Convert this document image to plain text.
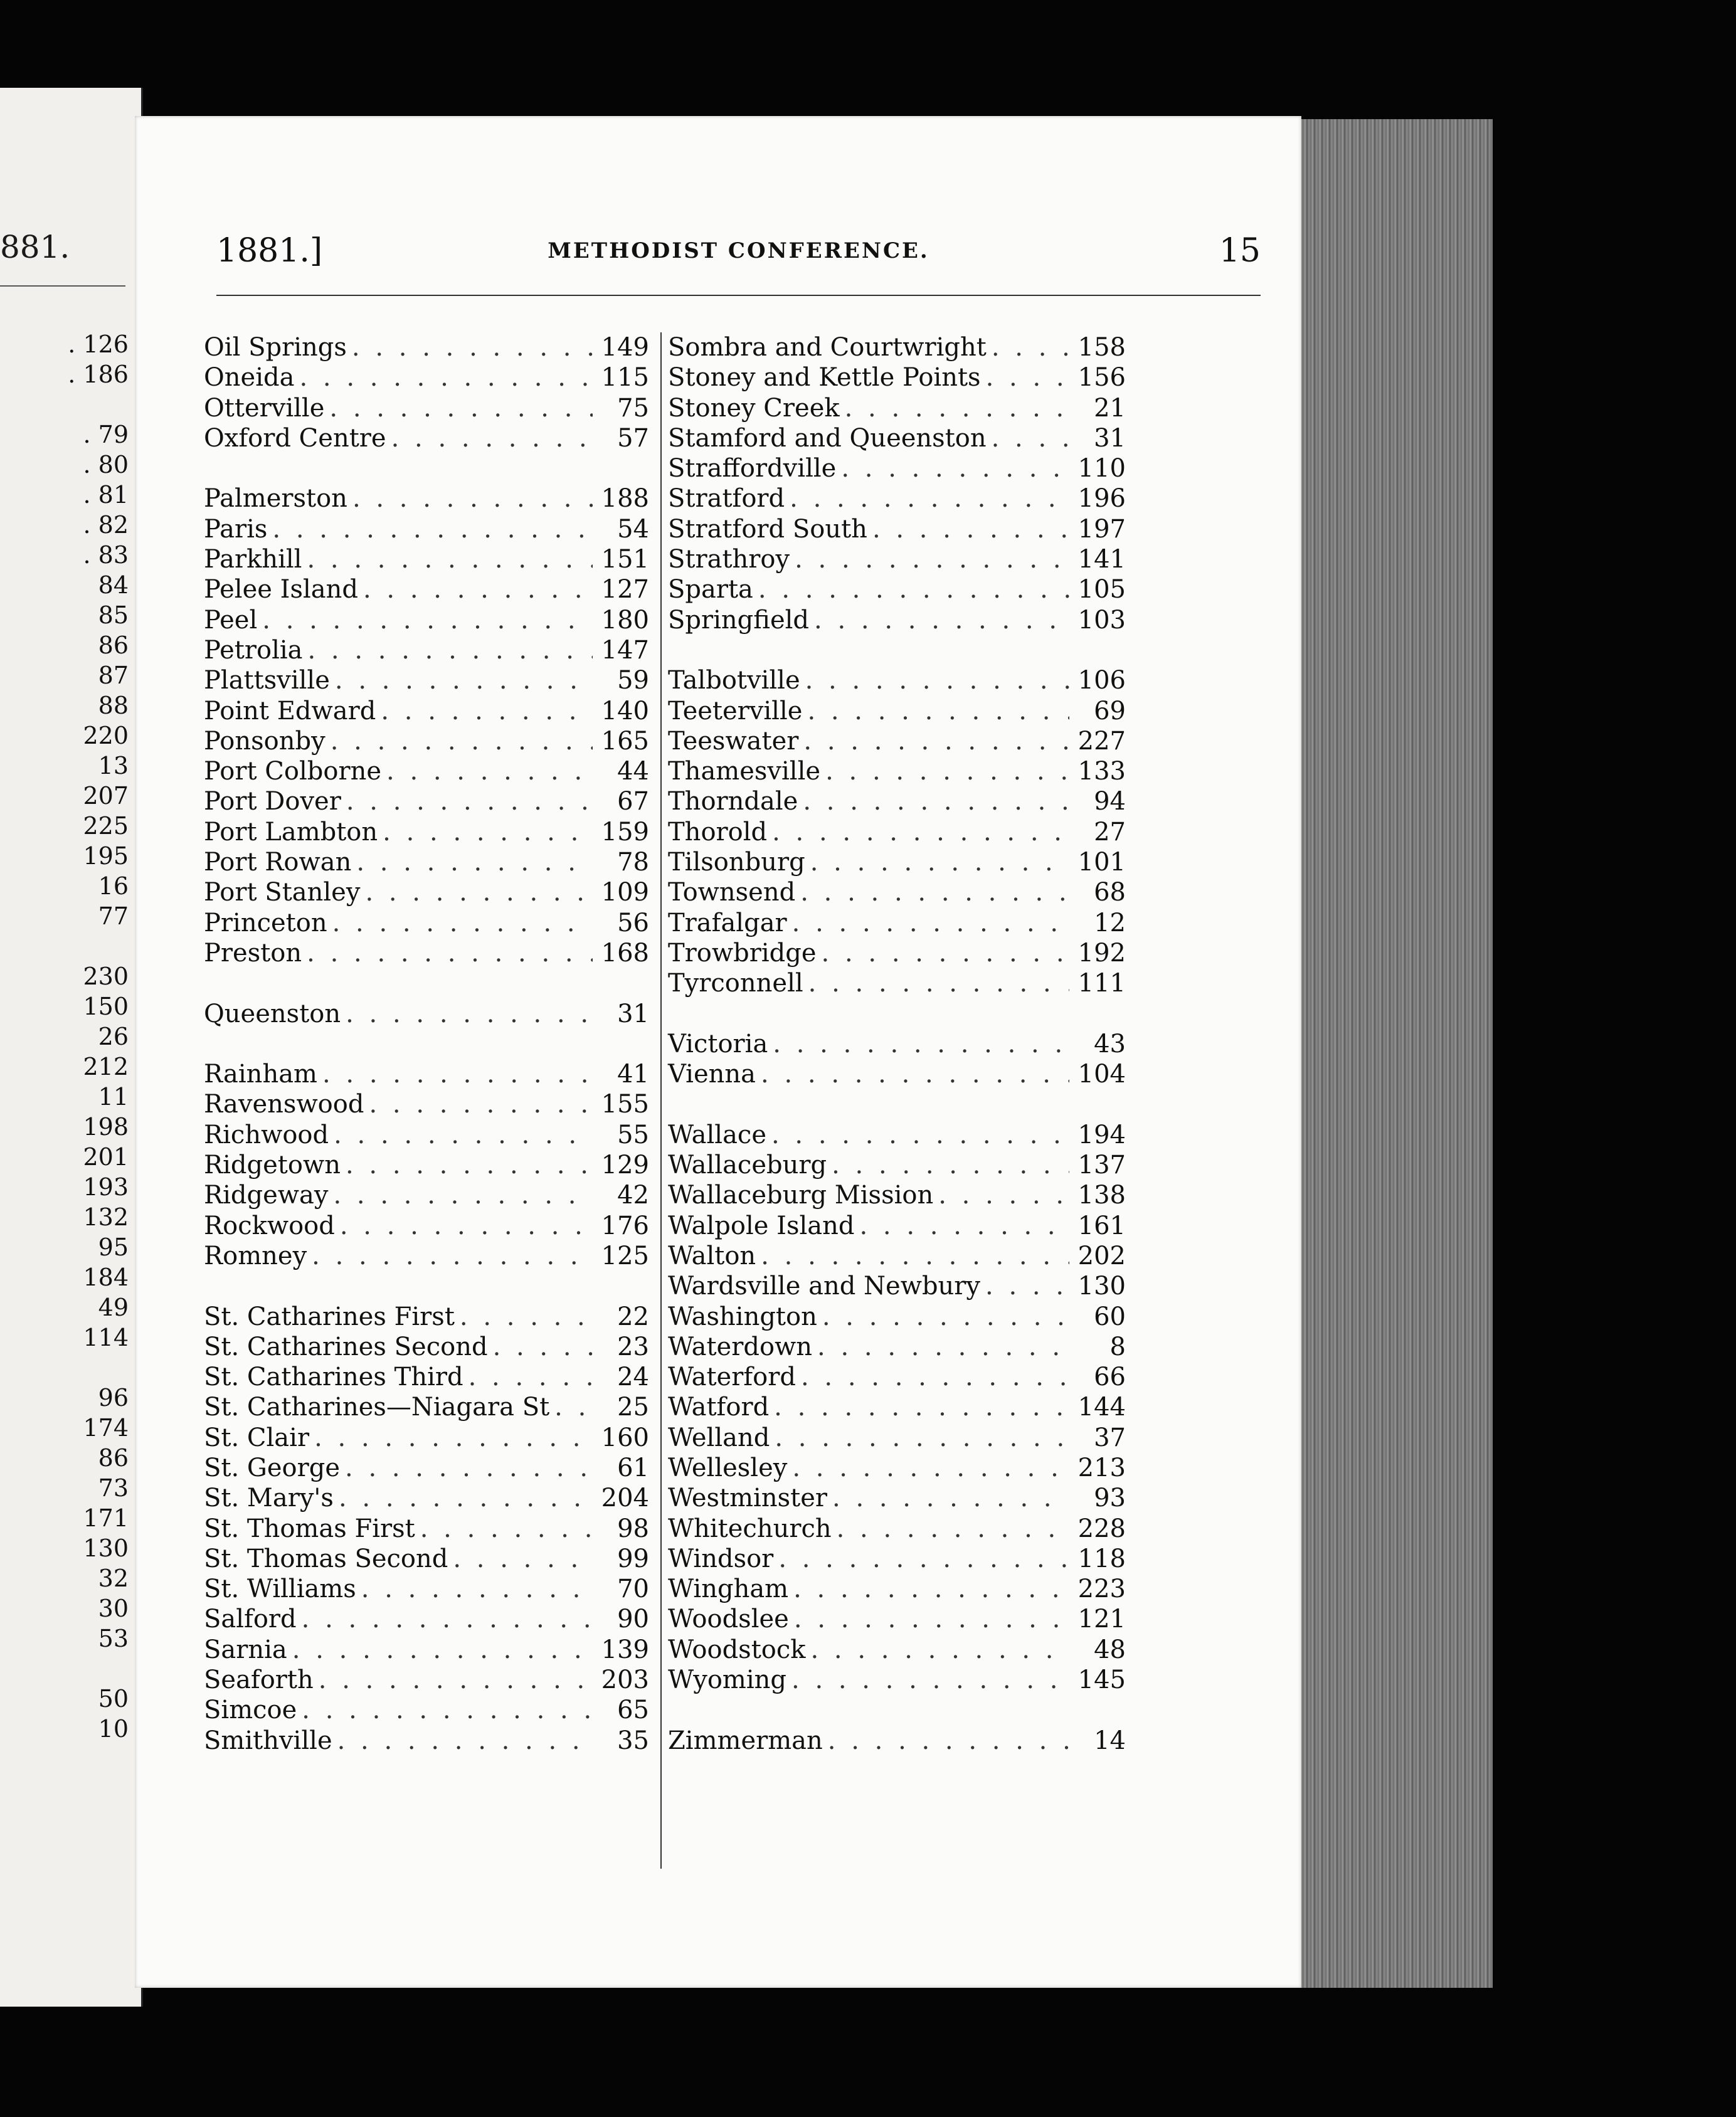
881.
. 126
. 186
. 79
. 80
. 81
. 82
. 83
84
85
86
87
88
220
13
207
225
195
16
77
230
150
26
212
11
198
201
193
132
95
184
49
114
96
174
86
73
171
130
32
30
53
50
10
1881.]	METHODIST CONFERENCE.	15
Oil Springs . . .	149
Oneida . . .	115
Otterville . . .	75
Oxford Centre . . .	57
Palmerston . . .	188
Paris . . .	54
Parkhill . . .	151
Pelee Island . . .	127
Peel . . .	180
Petrolia . . .	147
Plattsville . . .	59
Point Edward . . .	140
Ponsonby . . .	165
Port Colborne . . .	44
Port Dover . . .	67
Port Lambton . . .	159
Port Rowan . . .	78
Port Stanley . . .	109
Princeton . . .	56
Preston . . .	168
Queenston . . .	31
Rainham . . .	41
Ravenswood . . .	155
Richwood . . .	55
Ridgetown . . .	129
Ridgeway . . .	42
Rockwood . . .	176
Romney . . .	125
St. Catharines First . . .	22
St. Catharines Second . . .	23
St. Catharines Third . . .	24
St. Catharines—Niagara St . . .	25
St. Clair . . .	160
St. George . . .	61
St. Mary's . . .	204
St. Thomas First . . .	98
St. Thomas Second . . .	99
St. Williams . . .	70
Salford . . .	90
Sarnia . . .	139
Seaforth . . .	203
Simcoe . . .	65
Smithville . . .	35
Sombra and Courtwright . . .	158
Stoney and Kettle Points . . .	156
Stoney Creek . . .	21
Stamford and Queenston . . .	31
Straffordville . . .	110
Stratford . . .	196
Stratford South . . .	197
Strathroy . . .	141
Sparta . . .	105
Springfield . . .	103
Talbotville . . .	106
Teeterville . . .	69
Teeswater . . .	227
Thamesville . . .	133
Thorndale . . .	94
Thorold . . .	27
Tilsonburg . . .	101
Townsend . . .	68
Trafalgar . . .	12
Trowbridge . . .	192
Tyrconnell . . .	111
Victoria . . .	43
Vienna . . .	104
Wallace . . .	194
Wallaceburg . . .	137
Wallaceburg Mission . . .	138
Walpole Island . . .	161
Walton . . .	202
Wardsville and Newbury . . .	130
Washington . . .	60
Waterdown . . .	8
Waterford . . .	66
Watford . . .	144
Welland . . .	37
Wellesley . . .	213
Westminster . . .	93
Whitechurch . . .	228
Windsor . . .	118
Wingham . . .	223
Woodslee . . .	121
Woodstock . . .	48
Wyoming . . .	145
Zimmerman . . .	14
